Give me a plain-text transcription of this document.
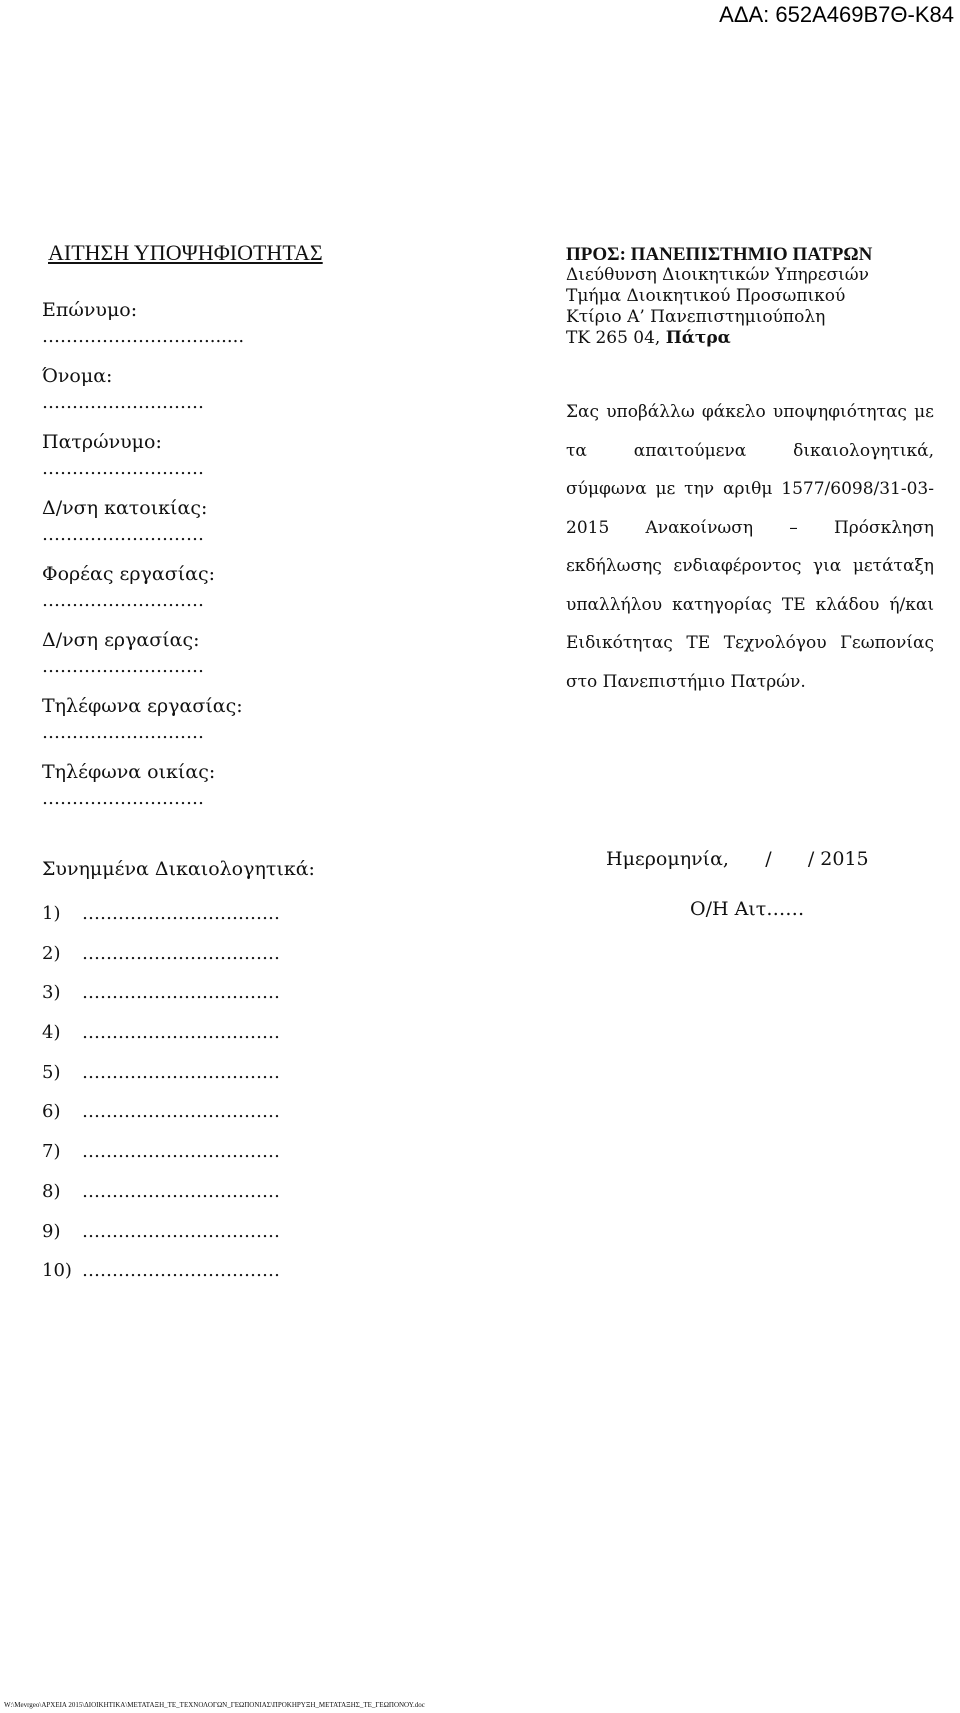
ΑΔΑ: 652Α469Β7Θ-Κ84
ΑΙΤΗΣΗ ΥΠΟΨΗΦΙΟΤΗΤΑΣ
Επώνυμο:
……………………….......
Όνομα:
………………………
Πατρώνυμο:
………………………
Δ/νση κατοικίας:
………………………
Φορέας εργασίας:
………………………
Δ/νση εργασίας:
………………………
Τηλέφωνα εργασίας:
………………………
Τηλέφωνα οικίας:
………………………
Συνημμένα Δικαιολογητικά:
1) ……………………………
2) ……………………………
3) ……………………………
4) ……………………………
5) ……………………………
6) ……………………………
7) ……………………………
8) ……………………………
9) ……………………………
10) ……………………………
ΠΡΟΣ: ΠΑΝΕΠΙΣΤΗΜΙΟ ΠΑΤΡΩΝ
Διεύθυνση Διοικητικών Υπηρεσιών
Τμήμα Διοικητικού Προσωπικού
Κτίριο Α’ Πανεπιστημιούπολη
ΤΚ 265 04, Πάτρα
Σας υποβάλλω φάκελο υποψηφιότητας με τα απαιτούμενα δικαιολογητικά, σύμφωνα με την αριθμ 1577/6098/31-03-2015 Ανακοίνωση – Πρόσκληση εκδήλωσης ενδιαφέροντος για μετάταξη υπαλλήλου κατηγορίας ΤΕ κλάδου ή/και Ειδικότητας ΤΕ Τεχνολόγου Γεωπονίας στο Πανεπιστήμιο Πατρών.
Ημερομηνία,      /      / 2015
Ο/Η Αιτ……
W:\Mevrgeo\ΑΡΧΕΙΑ 2015\ΔΙΟΙΚΗΤΙΚΑ\ΜΕΤΑΤΑΞΗ_ΤΕ_ΤΕΧΝΟΛΟΓΩΝ_ΓΕΩΠΟΝΙΑΣ\ΠΡΟΚΗΡΥΞΗ_ΜΕΤΑΤΑΞΗΣ_ΤΕ_ΓΕΩΠΟΝΟΥ.doc
